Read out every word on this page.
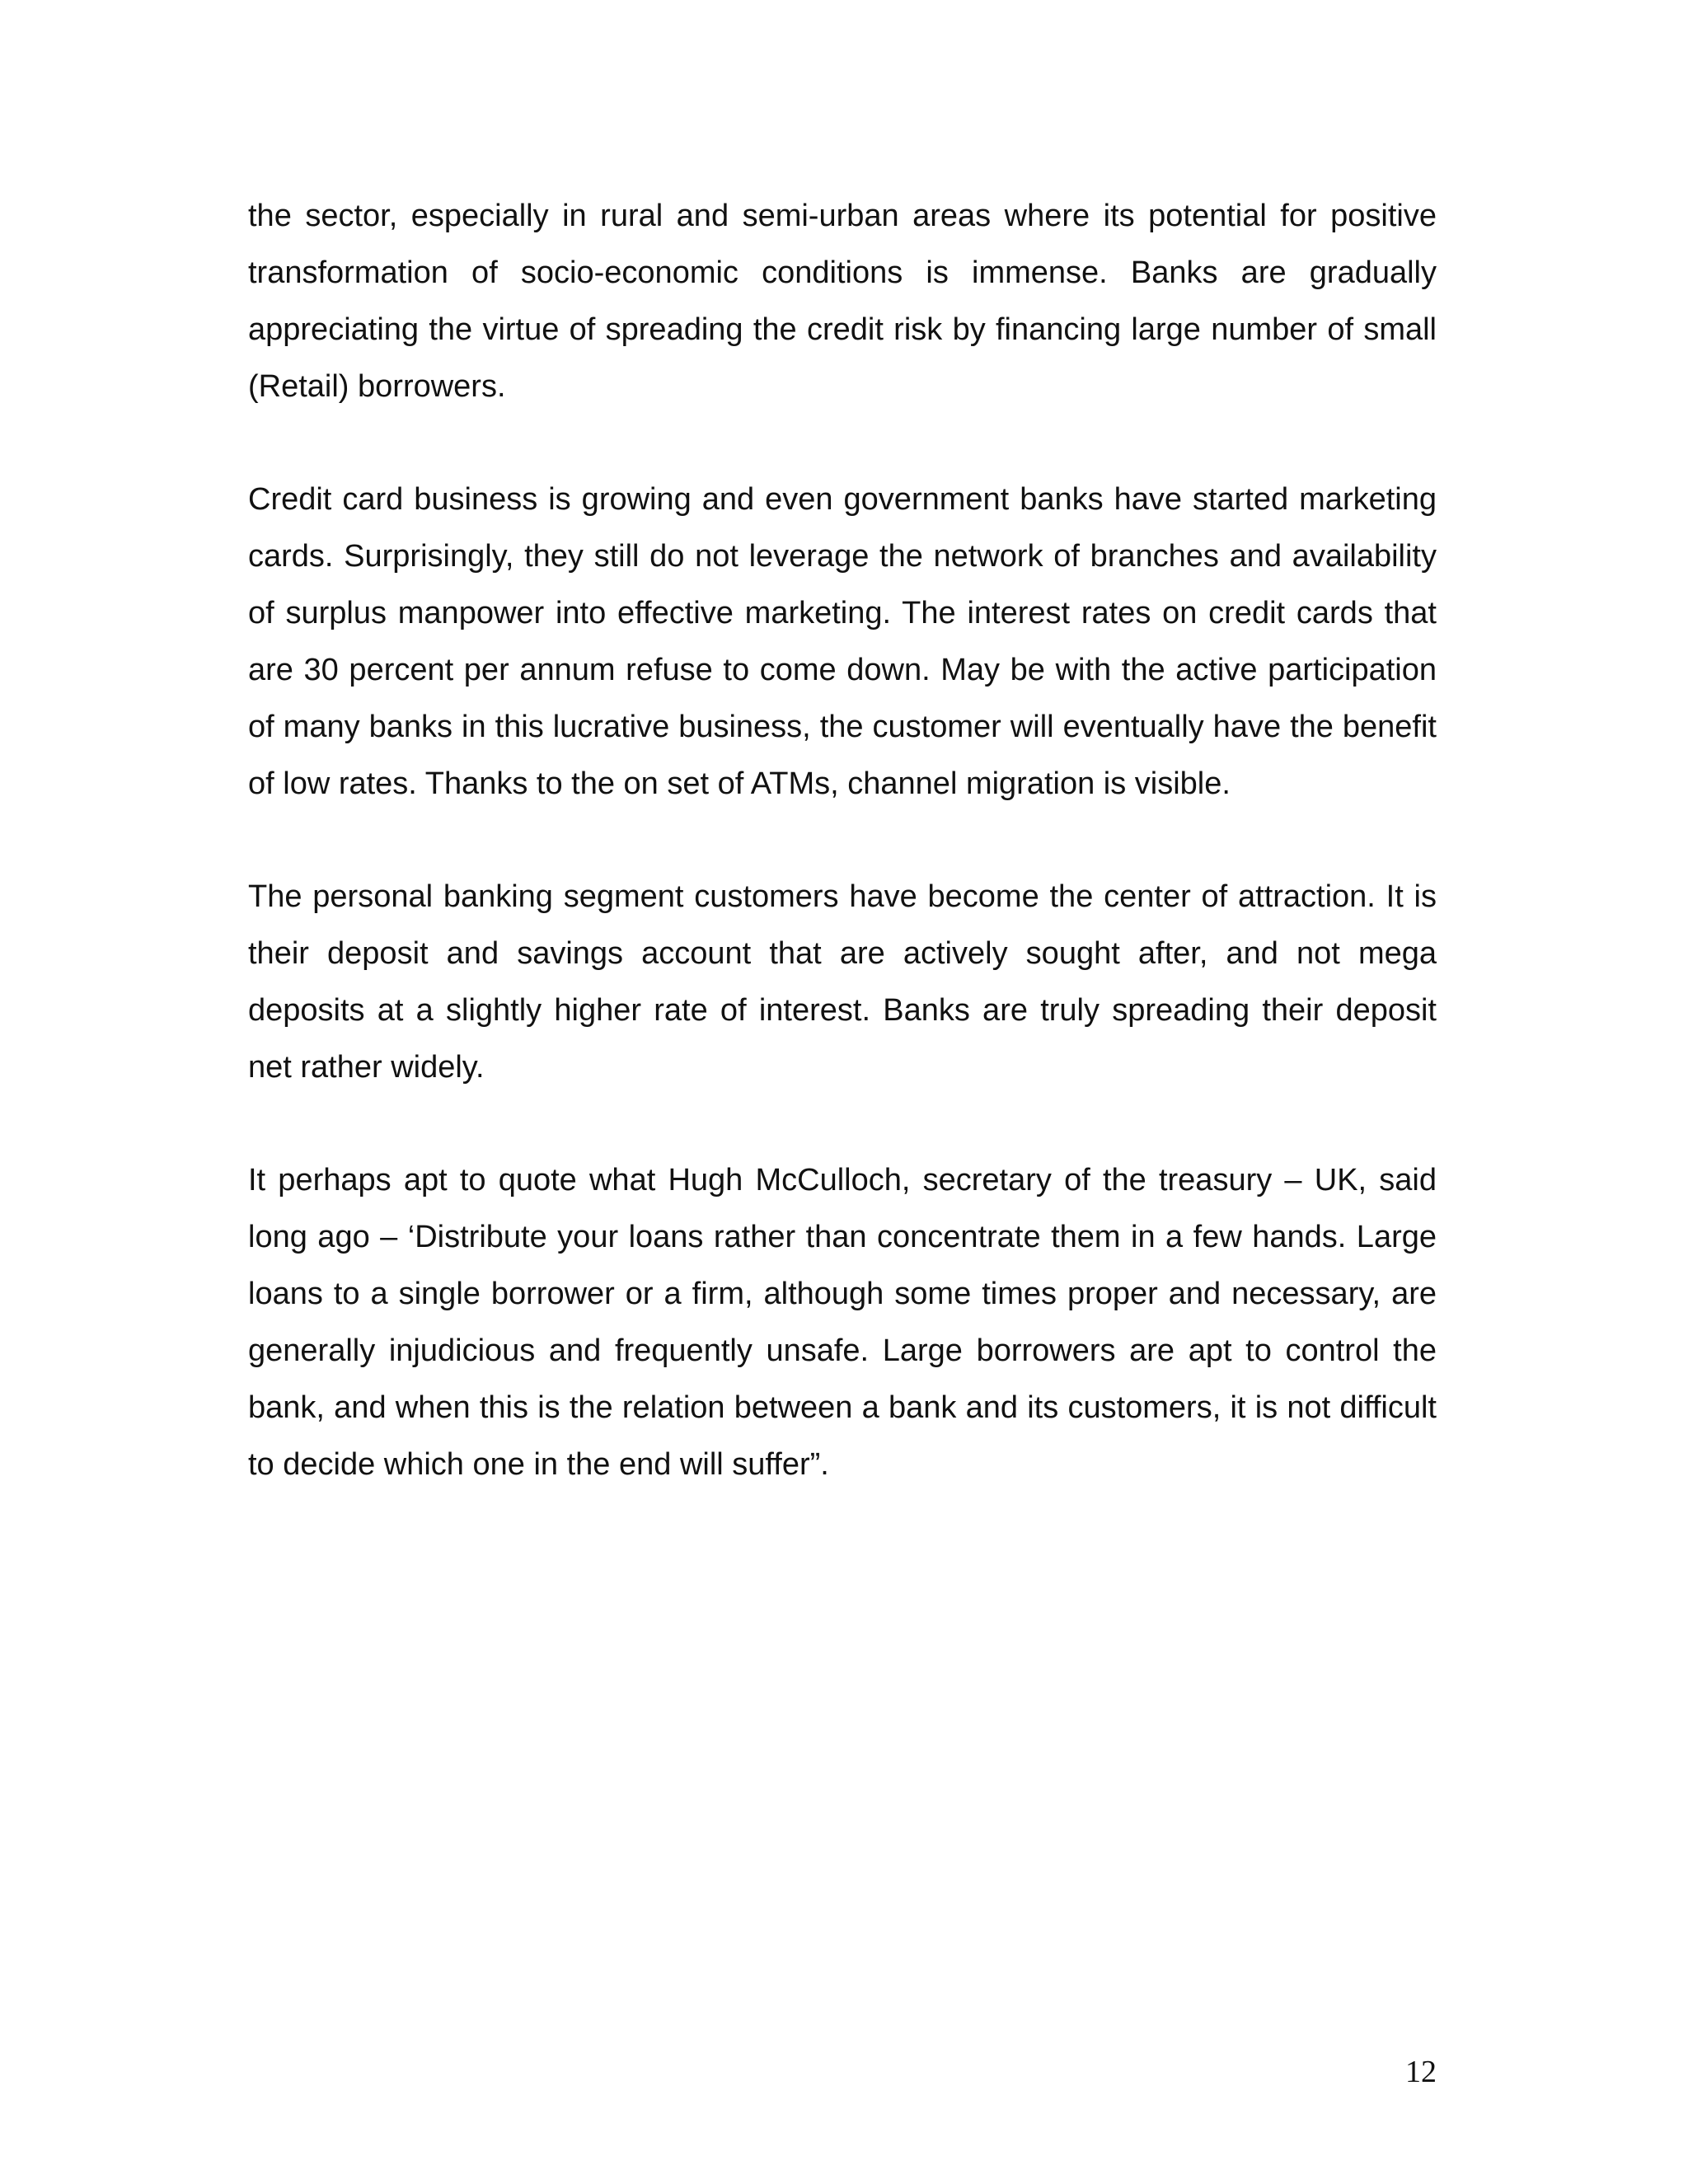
the sector, especially in rural and semi-urban areas where its potential for positive transformation of socio-economic conditions is immense. Banks are gradually appreciating the virtue of spreading the credit risk by financing large number of small (Retail) borrowers.

Credit card business is growing and even government banks have started marketing cards. Surprisingly, they still do not leverage the network of branches and availability of surplus manpower into effective marketing. The interest rates on credit cards that are 30 percent per annum refuse to come down. May be with the active participation of many banks in this lucrative business, the customer will eventually have the benefit of low rates. Thanks to the on set of ATMs, channel migration is visible.

The personal banking segment customers have become the center of attraction. It is their deposit and savings account that are actively sought after, and not mega deposits at a slightly higher rate of interest. Banks are truly spreading their deposit net rather widely.

It perhaps apt to quote what Hugh McCulloch, secretary of the treasury – UK, said long ago – ‘Distribute your loans rather than concentrate them in a few hands. Large loans to a single borrower or a firm, although some times proper and necessary, are generally injudicious and frequently unsafe. Large borrowers are apt to control the bank, and when this is the relation between a bank and its customers, it is not difficult to decide which one in the end will suffer”.

12
